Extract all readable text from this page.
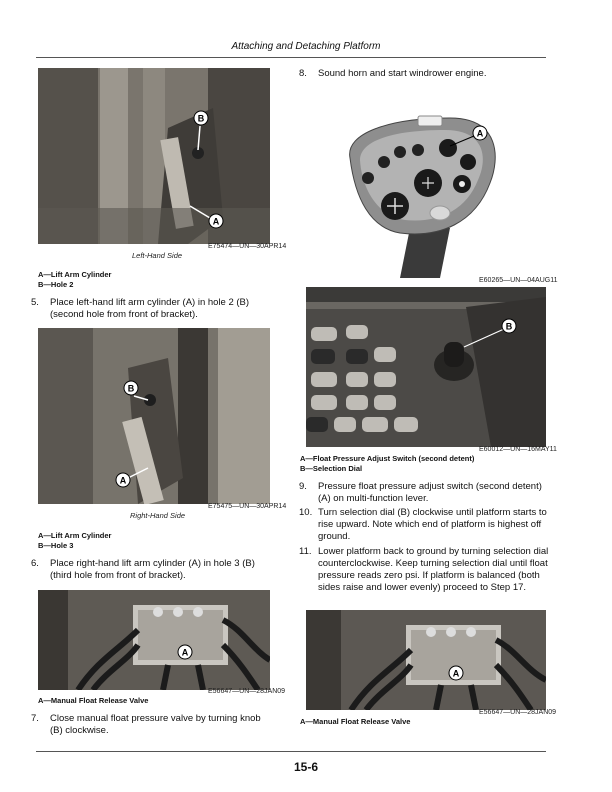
Attaching and Detaching Platform
B
A
E75474—UN—30APR14
Left-Hand Side
A—Lift Arm Cylinder
B—Hole 2
5.	Place left-hand lift arm cylinder (A) in hole 2 (B) (second hole from front of bracket).
B
A
E75475—UN—30APR14
Right-Hand Side
A—Lift Arm Cylinder
B—Hole 3
6.	Place right-hand lift arm cylinder (A) in hole 3 (B) (third hole from front of bracket).
A
E56647—UN—28JAN09
A—Manual Float Release Valve
7.	Close manual float pressure valve by turning knob (B) clockwise.
8.	Sound horn and start windrower engine.
A
E60265—UN—04AUG11
B
E60012—UN—16MAY11
A—Float Pressure Adjust Switch (second detent)
B—Selection Dial
9.	Pressure float pressure adjust switch (second detent) (A) on multi-function lever.
10. Turn selection dial (B) clockwise until platform starts to rise upward. Note which end of platform is highest off ground.
11. Lower platform back to ground by turning selection dial counterclockwise. Keep turning selection dial until float pressure reads zero psi. If platform is balanced (both sides raise and lower evenly) proceed to Step 17.
A
E56647—UN—28JAN09
A—Manual Float Release Valve
15-6
